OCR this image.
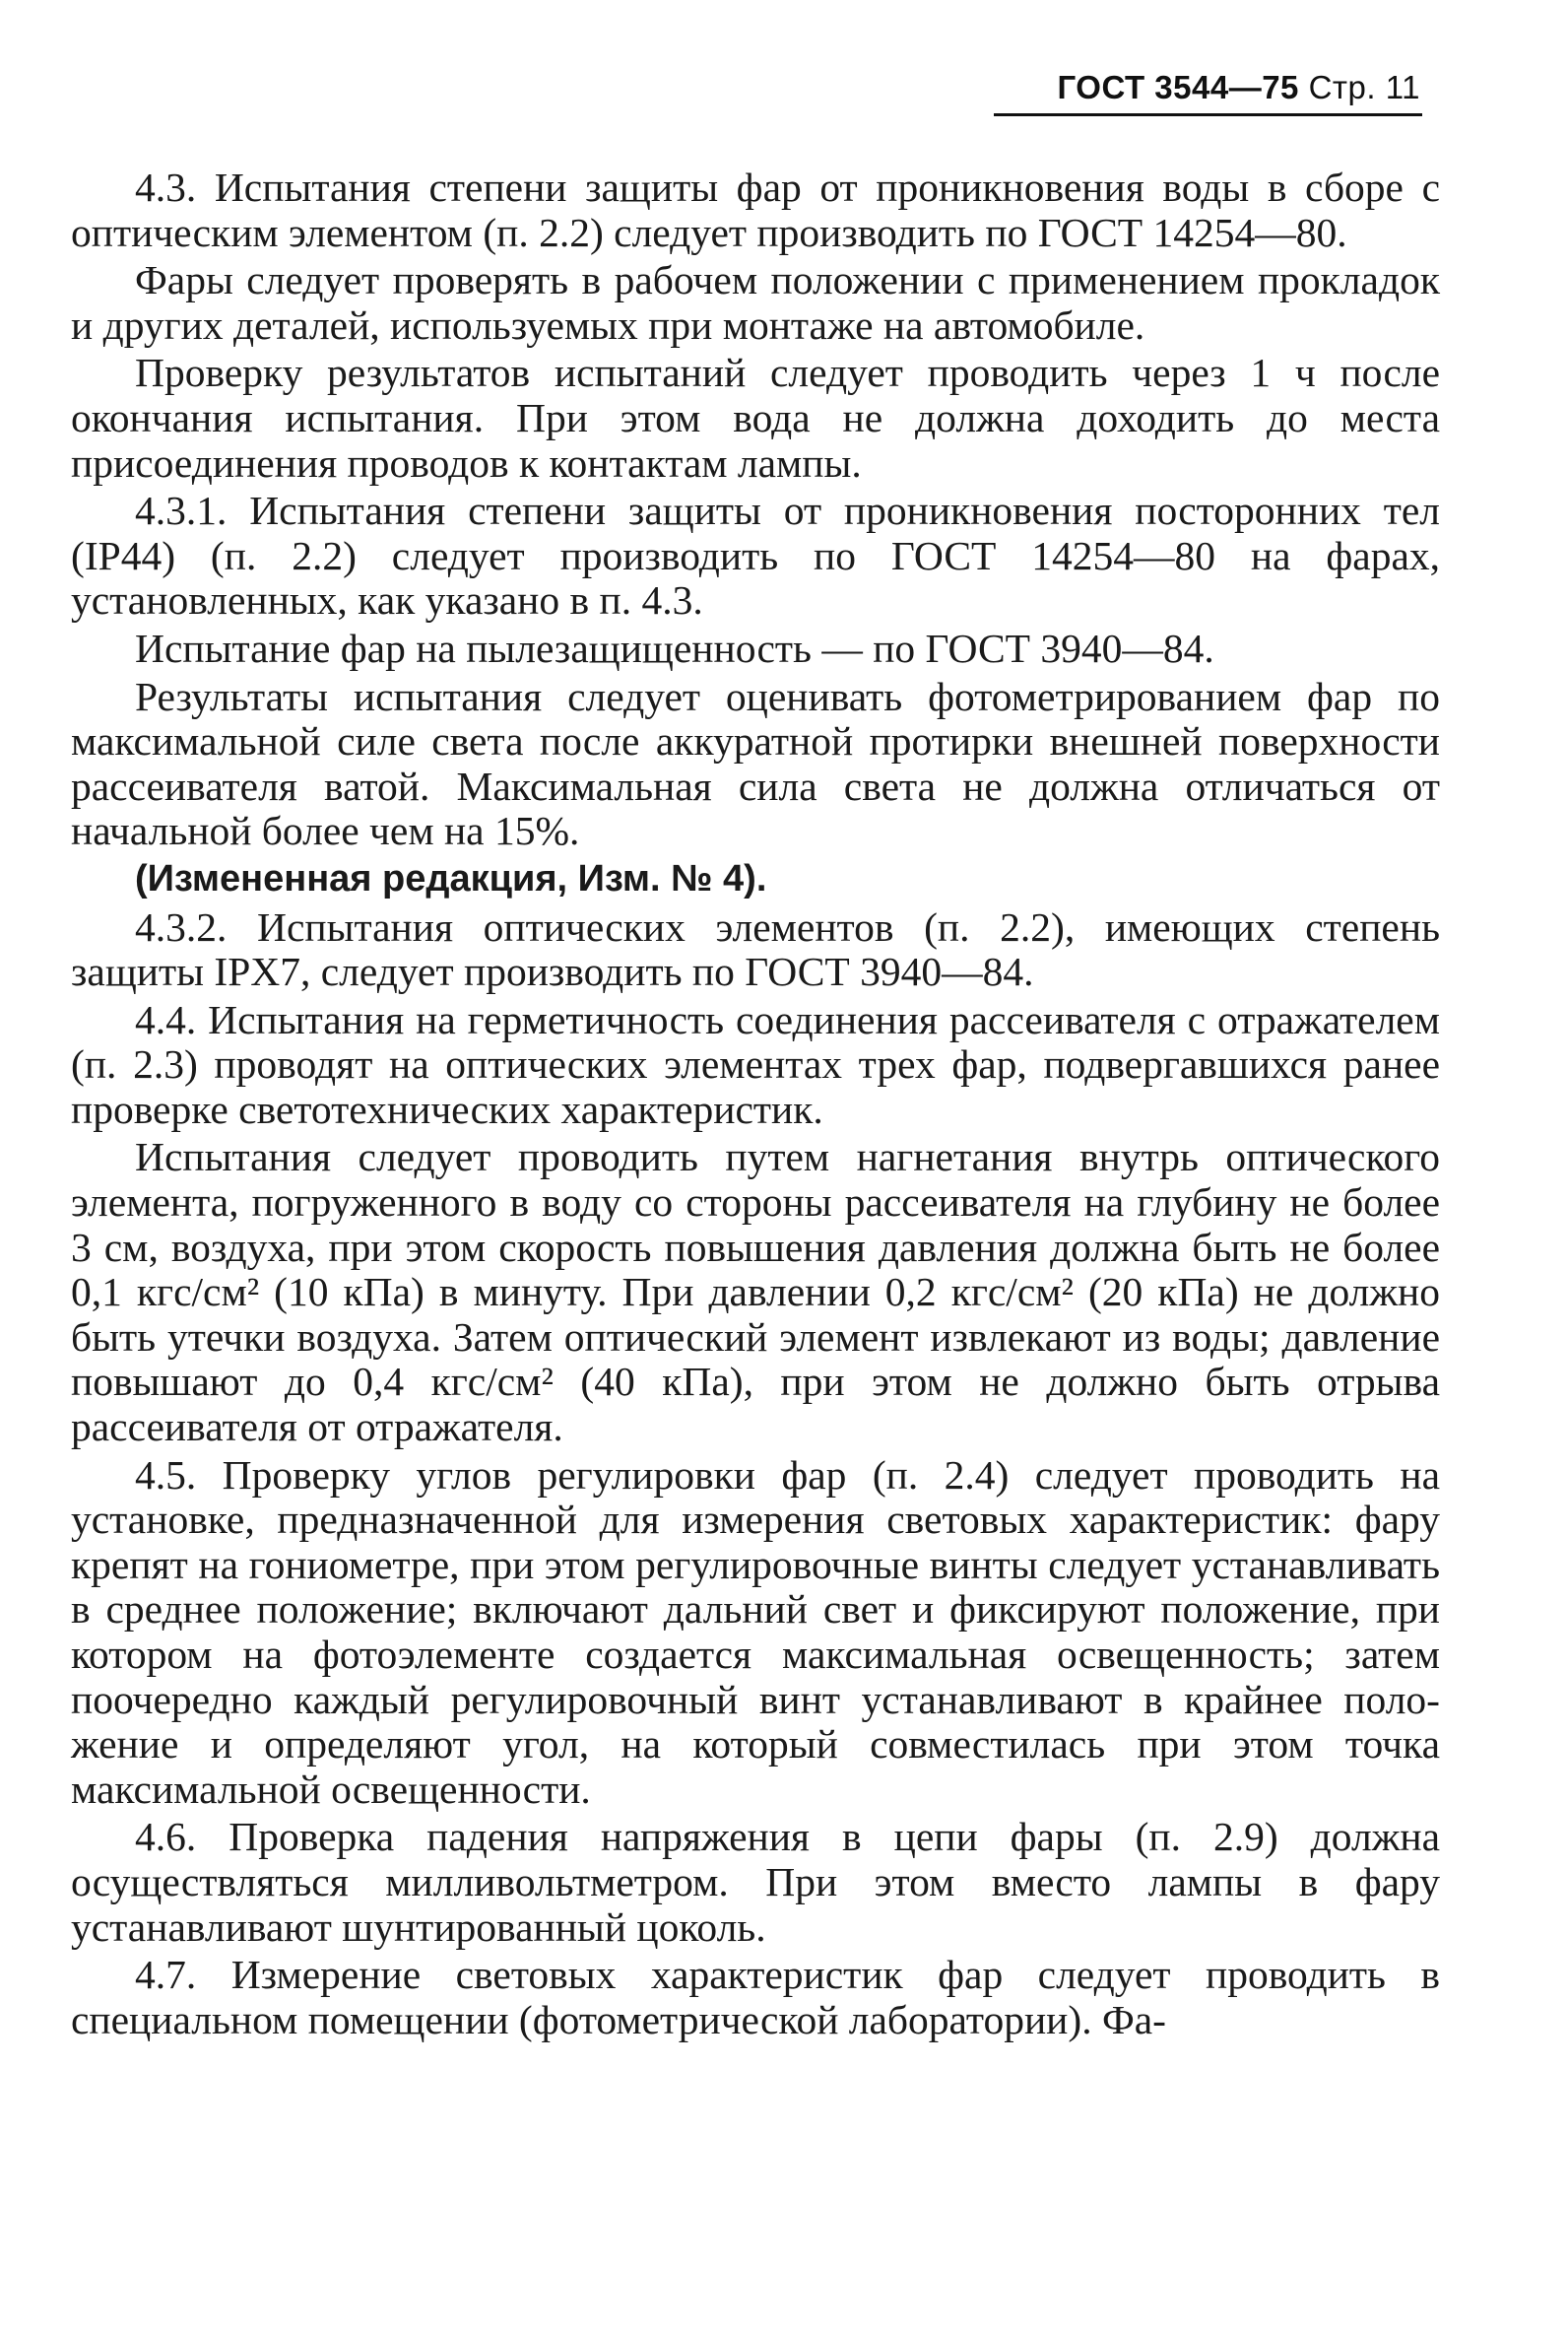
ГОСТ 3544—75 Стр. 11

4.3. Испытания степени защиты фар от проникновения воды в сборе с оптическим элементом (п. 2.2) следует производить по ГОСТ 14254—80.

Фары следует проверять в рабочем положении с применением прокладок и других деталей, используемых при монтаже на автомобиле.

Проверку результатов испытаний следует проводить через 1 ч после окончания испытания. При этом вода не должна доходить до места присоединения проводов к контактам лампы.

4.3.1. Испытания степени защиты от проникновения посторонних тел (IP44) (п. 2.2) следует производить по ГОСТ 14254—80 на фарах, установленных, как указано в п. 4.3.

Испытание фар на пылезащищенность — по ГОСТ 3940—84.

Результаты испытания следует оценивать фотометрированием фар по максимальной силе света после аккуратной протирки внешней поверхности рассеивателя ватой. Максимальная сила света не должна отличаться от начальной более чем на 15%.

(Измененная редакция, Изм. № 4).

4.3.2. Испытания оптических элементов (п. 2.2), имеющих степень защиты IPX7, следует производить по ГОСТ 3940—84.

4.4. Испытания на герметичность соединения рассеивателя с отражателем (п. 2.3) проводят на оптических элементах трех фар, подвергавшихся ранее проверке светотехнических характеристик.

Испытания следует проводить путем нагнетания внутрь оптического элемента, погруженного в воду со стороны рассеивателя на глубину не более 3 см, воздуха, при этом скорость повышения давления должна быть не более 0,1 кгс/см² (10 кПа) в минуту. При давлении 0,2 кгс/см² (20 кПа) не должно быть утечки воздуха. Затем оптический элемент извлекают из воды; давление повышают до 0,4 кгс/см² (40 кПа), при этом не должно быть отрыва рассеивателя от отражателя.

4.5. Проверку углов регулировки фар (п. 2.4) следует проводить на установке, предназначенной для измерения световых характеристик: фару крепят на гониометре, при этом регулировочные винты следует устанавливать в среднее положение; включают дальний свет и фиксируют положение, при котором на фотоэлементе создается максимальная освещенность; затем поочередно каждый регулировочный винт устанавливают в крайнее положение и определяют угол, на который совместилась при этом точка максимальной освещенности.

4.6. Проверка падения напряжения в цепи фары (п. 2.9) должна осуществляться милливольтметром. При этом вместо лампы в фару устанавливают шунтированный цоколь.

4.7. Измерение световых характеристик фар следует проводить в специальном помещении (фотометрической лаборатории). Фа-
